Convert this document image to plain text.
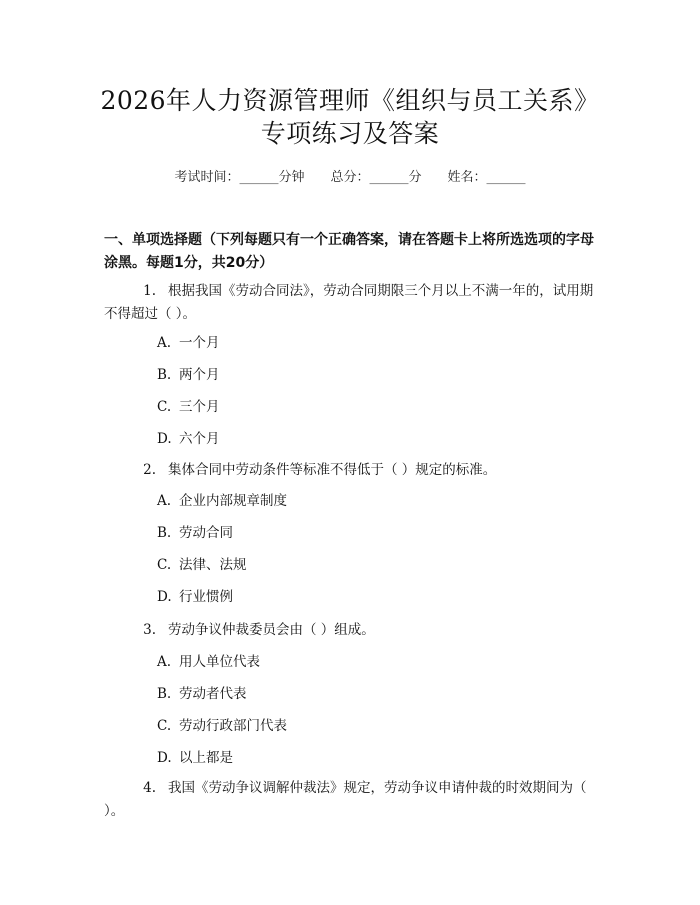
2026年人力资源管理师《组织与员工关系》
专项练习及答案
考试时间：______分钟 总分：______分 姓名：______
一、单项选择题（下列每题只有一个正确答案，请在答题卡上将所选选项的字母涂黑。每题1分，共20分）
1. 根据我国《劳动合同法》，劳动合同期限三个月以上不满一年的，试用期不得超过（ ）。
A. 一个月
B. 两个月
C. 三个月
D. 六个月
2. 集体合同中劳动条件等标准不得低于（ ）规定的标准。
A. 企业内部规章制度
B. 劳动合同
C. 法律、法规
D. 行业惯例
3. 劳动争议仲裁委员会由（ ）组成。
A. 用人单位代表
B. 劳动者代表
C. 劳动行政部门代表
D. 以上都是
4. 我国《劳动争议调解仲裁法》规定，劳动争议申请仲裁的时效期间为（ ）。
